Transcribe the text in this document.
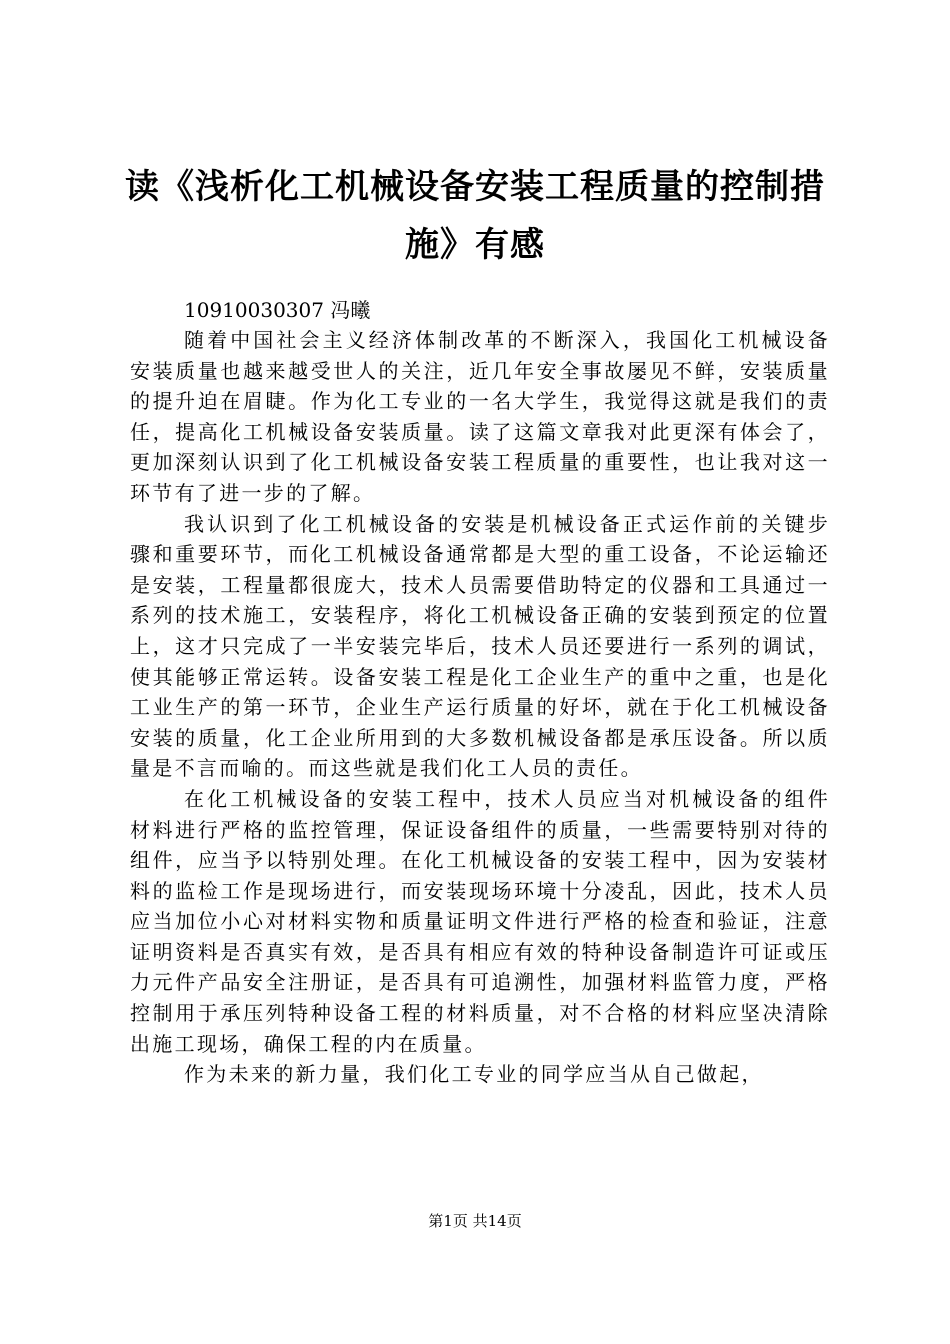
读《浅析化工机械设备安装工程质量的控制措施》有感

10910030307 冯曦

随着中国社会主义经济体制改革的不断深入，我国化工机械设备安装质量也越来越受世人的关注，近几年安全事故屡见不鲜，安装质量的提升迫在眉睫。作为化工专业的一名大学生，我觉得这就是我们的责任，提高化工机械设备安装质量。读了这篇文章我对此更深有体会了，更加深刻认识到了化工机械设备安装工程质量的重要性，也让我对这一环节有了进一步的了解。

我认识到了化工机械设备的安装是机械设备正式运作前的关键步骤和重要环节，而化工机械设备通常都是大型的重工设备，不论运输还是安装，工程量都很庞大，技术人员需要借助特定的仪器和工具通过一系列的技术施工，安装程序，将化工机械设备正确的安装到预定的位置上，这才只完成了一半安装完毕后，技术人员还要进行一系列的调试，使其能够正常运转。设备安装工程是化工企业生产的重中之重，也是化工业生产的第一环节，企业生产运行质量的好坏，就在于化工机械设备安装的质量，化工企业所用到的大多数机械设备都是承压设备。所以质量是不言而喻的。而这些就是我们化工人员的责任。

在化工机械设备的安装工程中，技术人员应当对机械设备的组件材料进行严格的监控管理，保证设备组件的质量，一些需要特别对待的组件，应当予以特别处理。在化工机械设备的安装工程中，因为安装材料的监检工作是现场进行，而安装现场环境十分凌乱，因此，技术人员应当加位小心对材料实物和质量证明文件进行严格的检查和验证，注意证明资料是否真实有效，是否具有相应有效的特种设备制造许可证或压力元件产品安全注册证，是否具有可追溯性，加强材料监管力度，严格控制用于承压列特种设备工程的材料质量，对不合格的材料应坚决清除出施工现场，确保工程的内在质量。

作为未来的新力量，我们化工专业的同学应当从自己做起，

第1页 共14页
